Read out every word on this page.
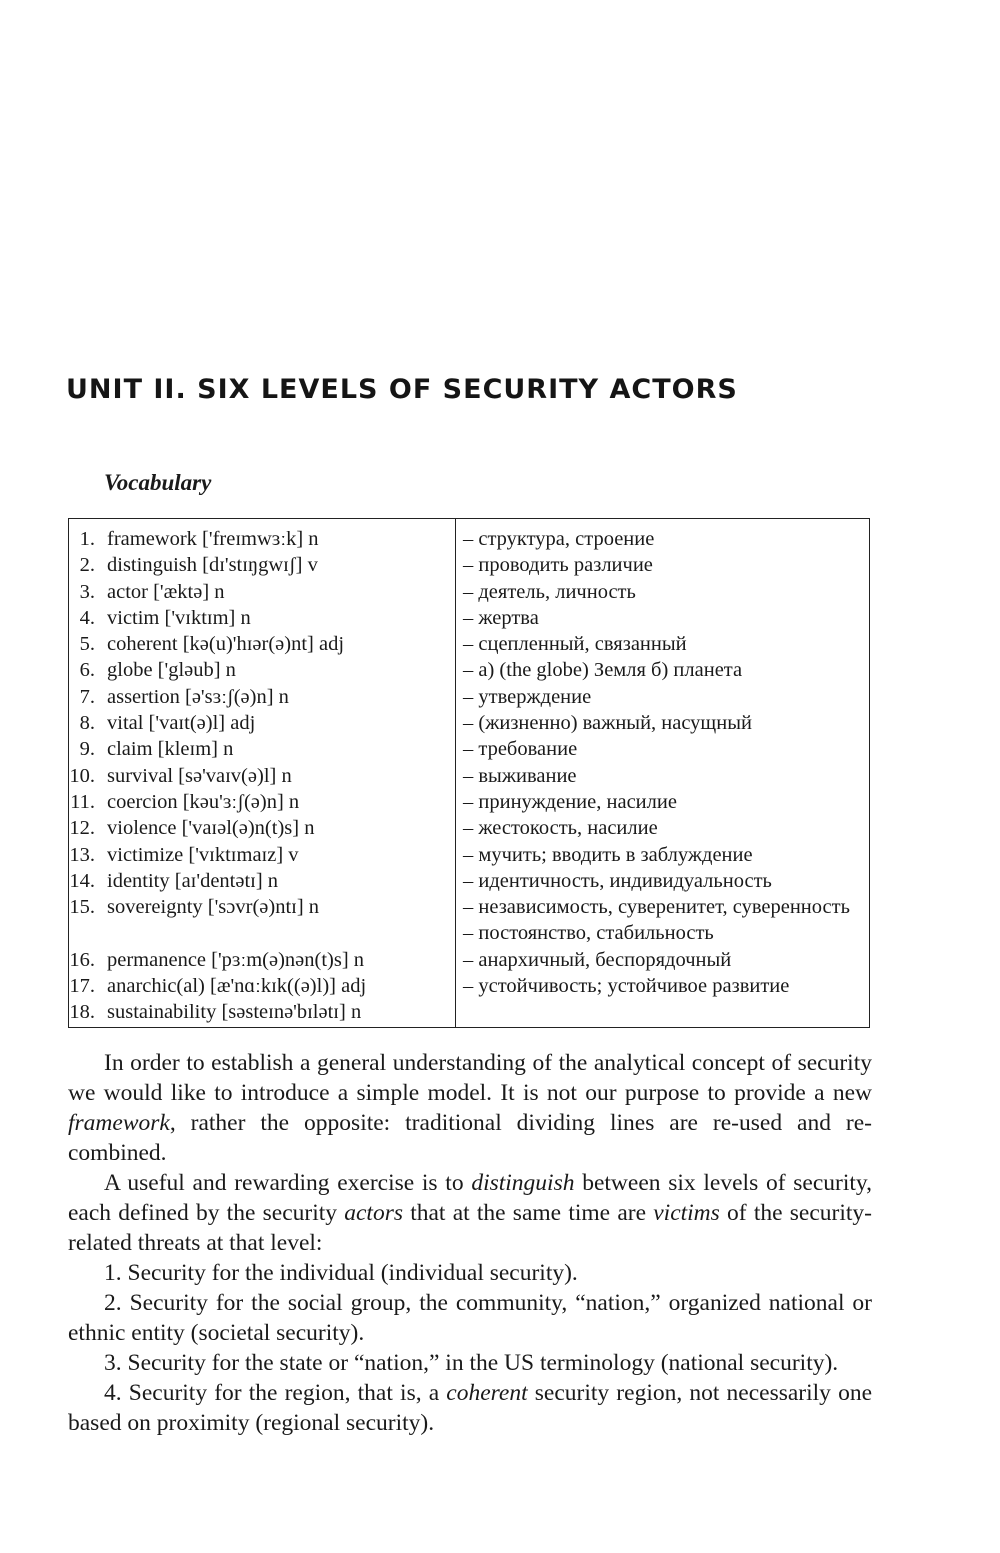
UNIT II. SIX LEVELS OF SECURITY ACTORS
Vocabulary
1. framework ['freɪmwɜːk] n
2. distinguish [dɪ'stɪŋgwɪʃ] v
3. actor ['æktə] n
4. victim ['vɪktɪm] n
5. coherent [kə(u)'hɪər(ə)nt] adj
6. globe ['gləub] n
7. assertion [ə'sɜːʃ(ə)n] n
8. vital ['vaɪt(ə)l] adj
9. claim [kleɪm] n
10. survival [sə'vaɪv(ə)l] n
11. coercion [kəu'ɜːʃ(ə)n] n
12. violence ['vaɪəl(ə)n(t)s] n
13. victimize ['vɪktɪmaɪz] v
14. identity [aɪ'dentətɪ] n
15. sovereignty ['sɔvr(ə)ntɪ] n
16. permanence ['pɜːm(ə)nən(t)s] n
17. anarchic(al) [æ'nɑːkɪk((ə)l)] adj
18. sustainability [səsteɪnə'bɪlətɪ] n
– структура, строение
– проводить различие
– деятель, личность
– жертва
– сцепленный, связанный
– а) (the globe) Земля б) планета
– утверждение
– (жизненно) важный, насущный
– требование
– выживание
– принуждение, насилие
– жестокость, насилие
– мучить; вводить в заблуждение
– идентичность, индивидуальность
– независимость, суверенитет, суверенность
– постоянство, стабильность
– анархичный, беспорядочный
– устойчивость; устойчивое развитие

In order to establish a general understanding of the analytical concept of security we would like to introduce a simple model. It is not our purpose to provide a new framework, rather the opposite: traditional dividing lines are re-used and re-combined.

A useful and rewarding exercise is to distinguish between six levels of security, each defined by the security actors that at the same time are victims of the security-related threats at that level:

1. Security for the individual (individual security).

2. Security for the social group, the community, “nation,” organized national or ethnic entity (societal security).

3. Security for the state or “nation,” in the US terminology (national security).

4. Security for the region, that is, a coherent security region, not necessarily one based on proximity (regional security).
